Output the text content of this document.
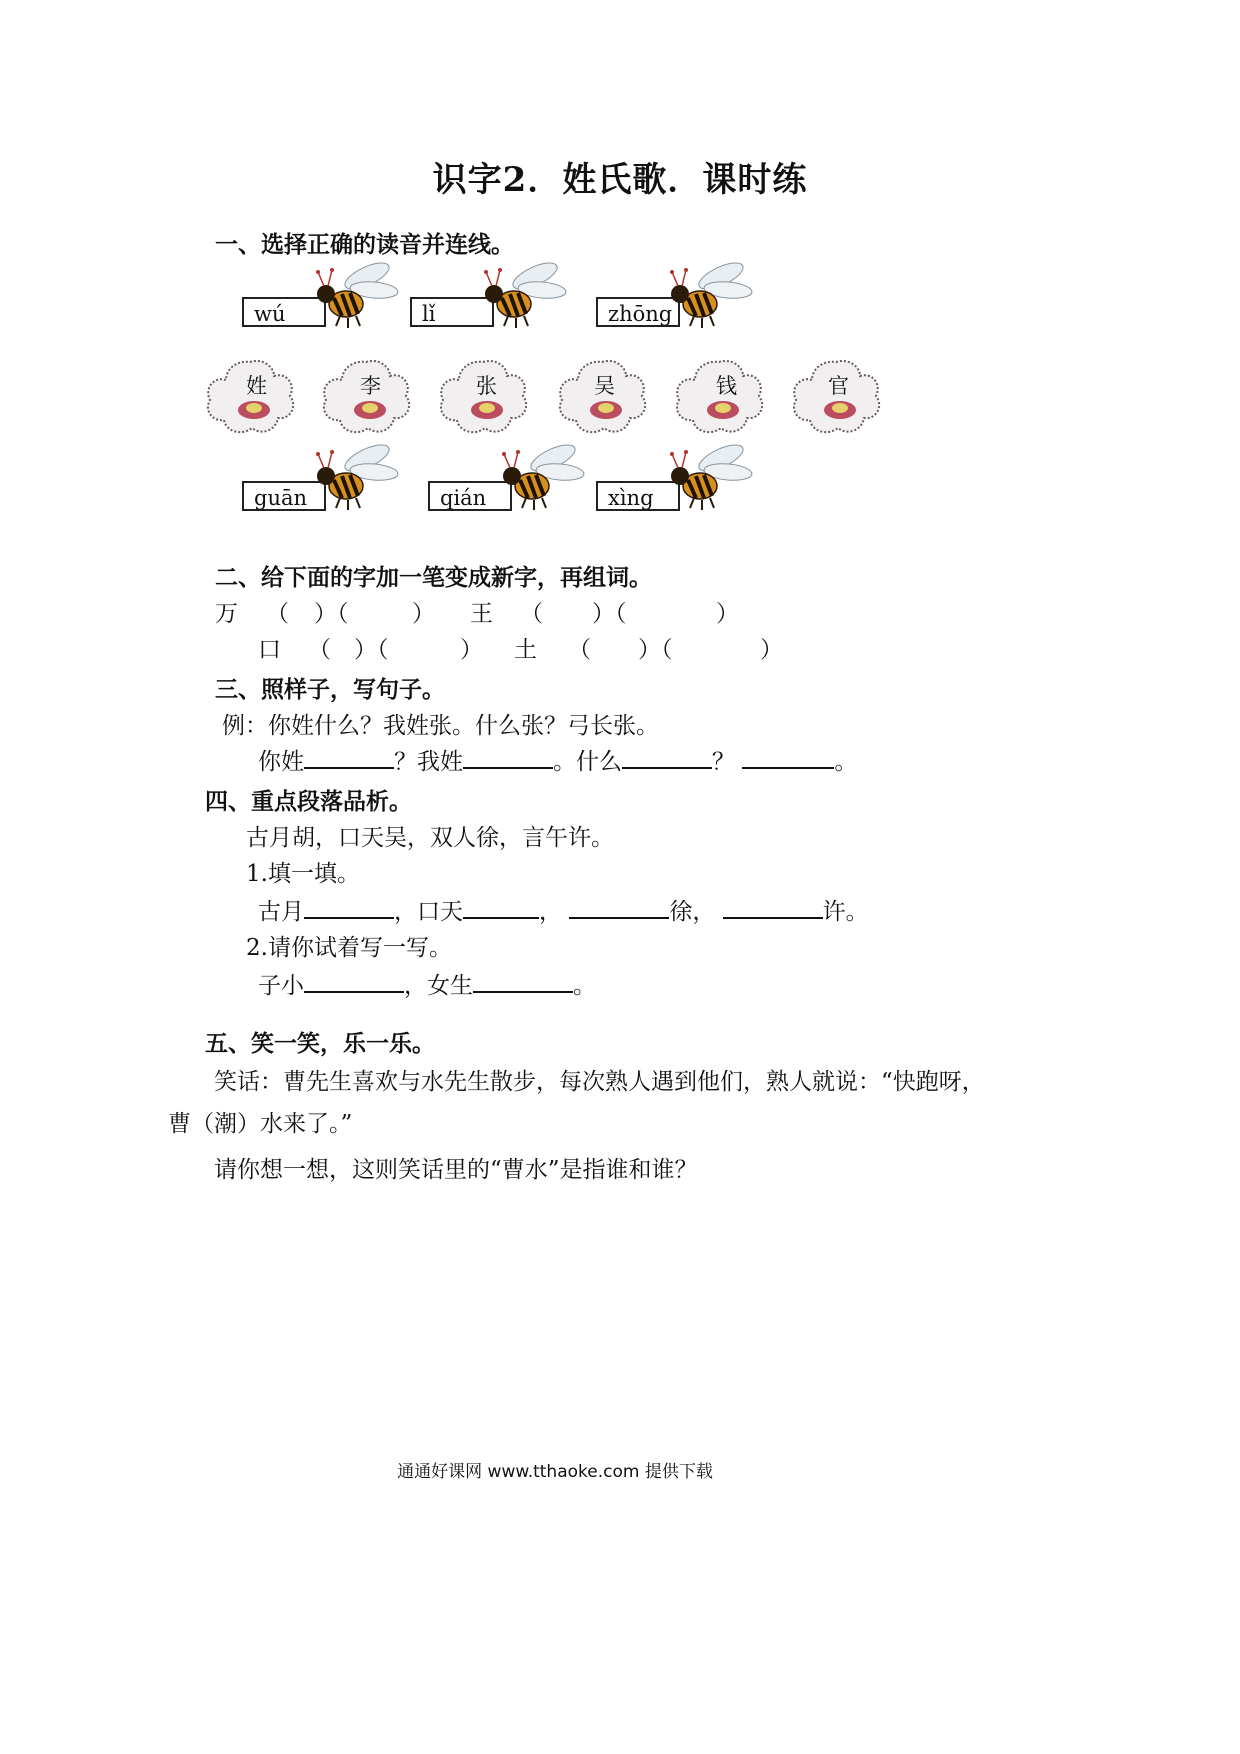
识字2．姓氏歌．课时练
一、选择正确的读音并连线。
wú	lǐ	zhōng
姓	李	张	吴	钱	官
guān	qián	xìng
二、给下面的字加一笔变成新字，再组词。
万 （ ）（	） 王 （ ）（	）
口 （ ）（	） 土 （ ）（	）
三、照样子，写句子。
例：你姓什么？我姓张。什么张？弓长张。
你姓	？我姓	。什么	？	。
四、重点段落品析。
古月胡，口天吴，双人徐，言午许。
1.填一填。
古月	，口天	，	徐，	许。
2.请你试着写一写。
子小	，女生	。
五、笑一笑，乐一乐。
笑话：曹先生喜欢与水先生散步，每次熟人遇到他们，熟人就说：“快跑呀，
曹（潮）水来了。”
请你想一想，这则笑话里的“曹水”是指谁和谁？
通通好课网 www.tthaoke.com 提供下载
